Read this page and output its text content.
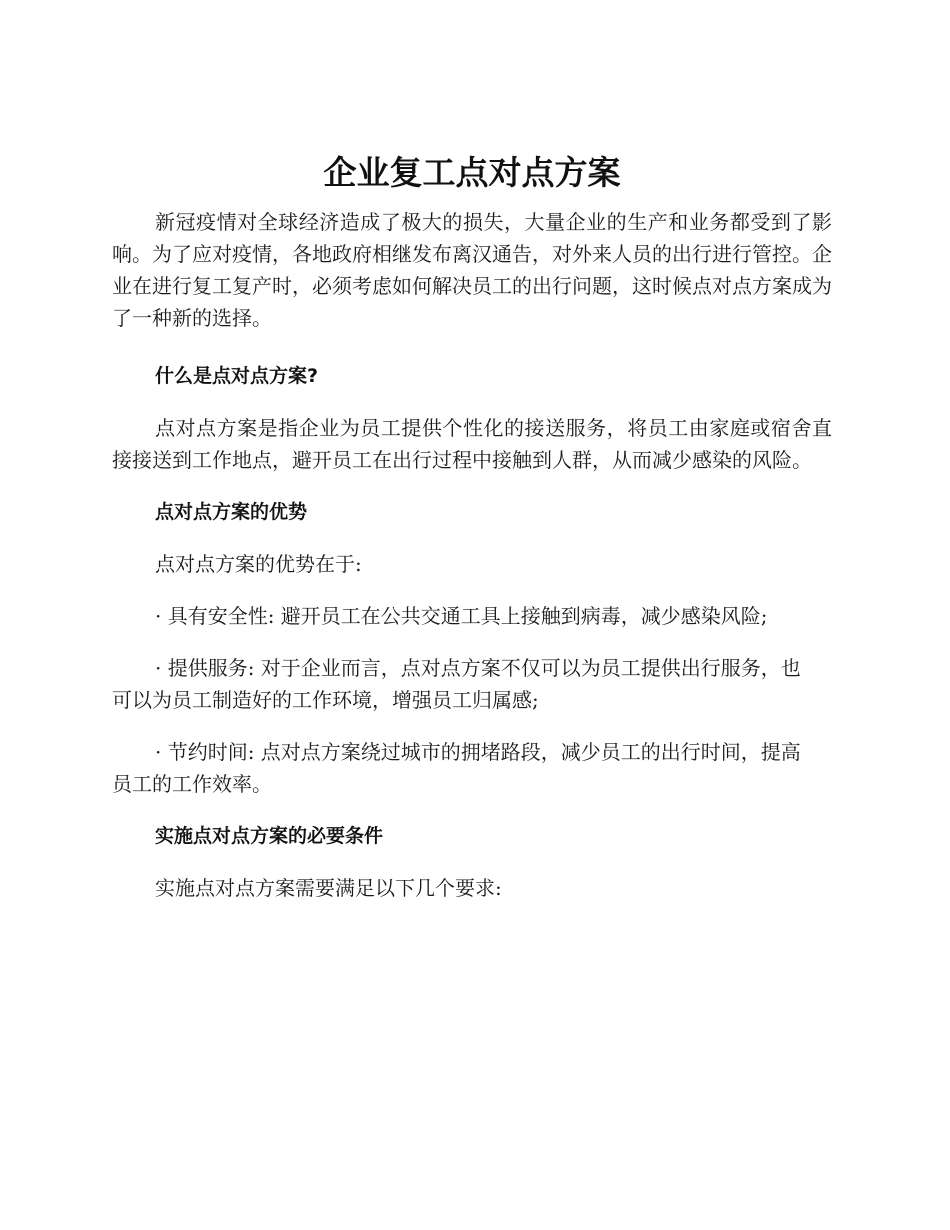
企业复工点对点方案

新冠疫情对全球经济造成了极大的损失，大量企业的生产和业务都受到了影响。为了应对疫情，各地政府相继发布离汉通告，对外来人员的出行进行管控。企业在进行复工复产时，必须考虑如何解决员工的出行问题，这时候点对点方案成为了一种新的选择。

什么是点对点方案?

点对点方案是指企业为员工提供个性化的接送服务，将员工由家庭或宿舍直接接送到工作地点，避开员工在出行过程中接触到人群，从而减少感染的风险。

点对点方案的优势

点对点方案的优势在于:

· 具有安全性: 避开员工在公共交通工具上接触到病毒，减少感染风险;

· 提供服务: 对于企业而言，点对点方案不仅可以为员工提供出行服务，也可以为员工制造好的工作环境，增强员工归属感;

· 节约时间: 点对点方案绕过城市的拥堵路段，减少员工的出行时间，提高员工的工作效率。

实施点对点方案的必要条件

实施点对点方案需要满足以下几个要求:
